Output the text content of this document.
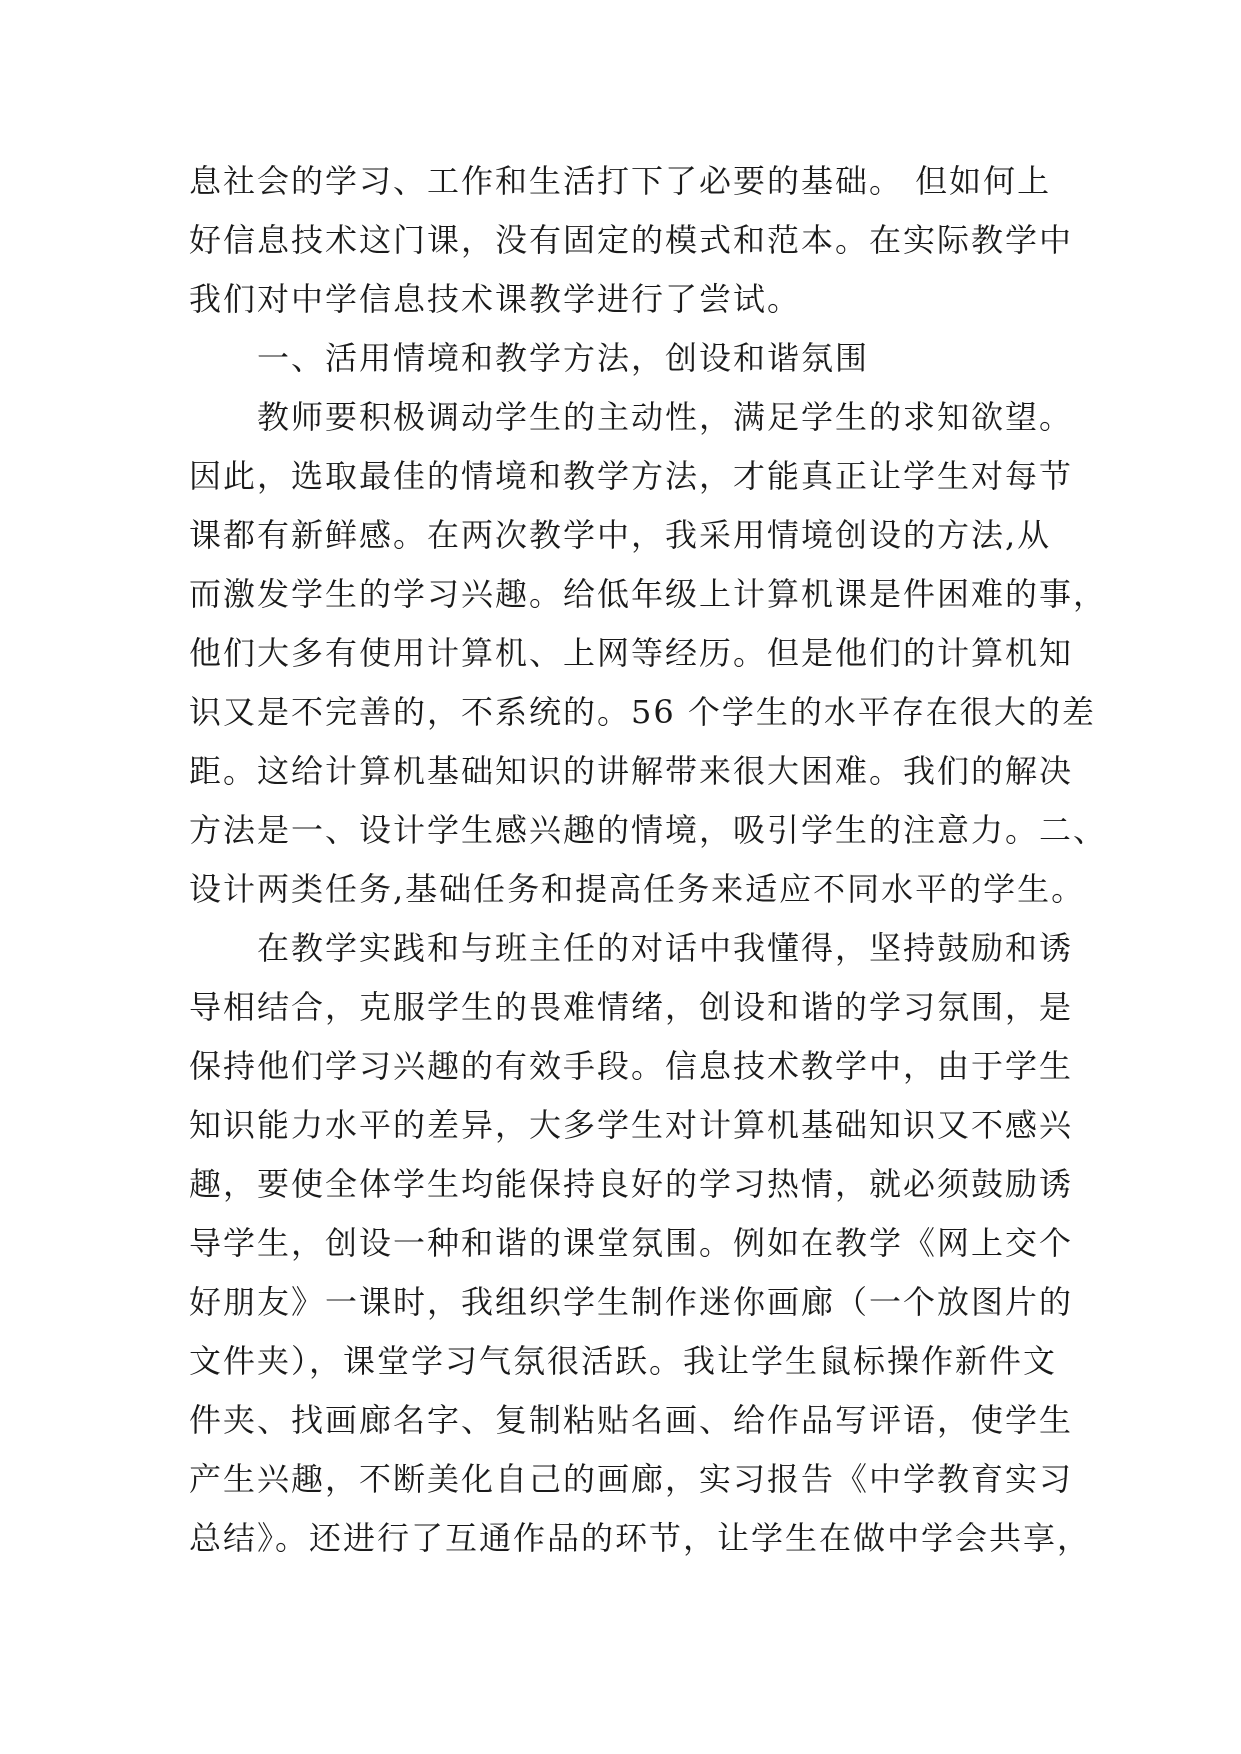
息社会的学习、工作和生活打下了必要的基础。 但如何上
好信息技术这门课，没有固定的模式和范本。在实际教学中
我们对中学信息技术课教学进行了尝试。
一、活用情境和教学方法，创设和谐氛围
教师要积极调动学生的主动性，满足学生的求知欲望。
因此，选取最佳的情境和教学方法，才能真正让学生对每节
课都有新鲜感。在两次教学中，我采用情境创设的方法,从
而激发学生的学习兴趣。给低年级上计算机课是件困难的事，
他们大多有使用计算机、上网等经历。但是他们的计算机知
识又是不完善的，不系统的。56 个学生的水平存在很大的差
距。这给计算机基础知识的讲解带来很大困难。我们的解决
方法是一、设计学生感兴趣的情境，吸引学生的注意力。二、
设计两类任务,基础任务和提高任务来适应不同水平的学生。
在教学实践和与班主任的对话中我懂得，坚持鼓励和诱
导相结合，克服学生的畏难情绪，创设和谐的学习氛围，是
保持他们学习兴趣的有效手段。信息技术教学中，由于学生
知识能力水平的差异，大多学生对计算机基础知识又不感兴
趣，要使全体学生均能保持良好的学习热情，就必须鼓励诱
导学生，创设一种和谐的课堂氛围。例如在教学《网上交个
好朋友》一课时，我组织学生制作迷你画廊（一个放图片的
文件夹），课堂学习气氛很活跃。我让学生鼠标操作新件文
件夹、找画廊名字、复制粘贴名画、给作品写评语，使学生
产生兴趣，不断美化自己的画廊，实习报告《中学教育实习
总结》。还进行了互通作品的环节，让学生在做中学会共享，
